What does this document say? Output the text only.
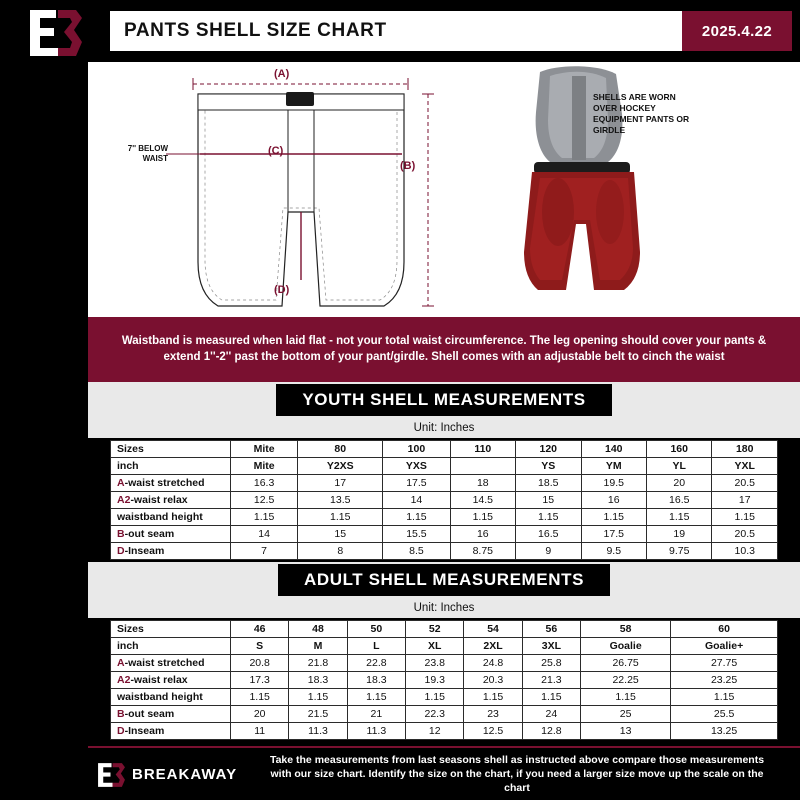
PANTS SHELL SIZE CHART	2025.4.22
SHELLS ARE WORN OVER HOCKEY EQUIPMENT PANTS OR GIRDLE
7'' BELOW WAIST
(A)
(C)
(B)
(D)

Waistband is measured when laid flat - not your total waist circumference. The leg opening should cover your pants & extend 1''-2'' past the bottom of your pant/girdle. Shell comes with an adjustable belt to cinch the waist

YOUTH SHELL MEASUREMENTS
Unit: Inches
Sizes	Mite	80	100	110	120	140	160	180
inch	Mite	Y2XS	YXS		YS	YM	YL	YXL
A-waist stretched	16.3	17	17.5	18	18.5	19.5	20	20.5
A2-waist relax	12.5	13.5	14	14.5	15	16	16.5	17
waistband height	1.15	1.15	1.15	1.15	1.15	1.15	1.15	1.15
B-out seam	14	15	15.5	16	16.5	17.5	19	20.5
D-Inseam	7	8	8.5	8.75	9	9.5	9.75	10.3
ADULT SHELL MEASUREMENTS
Unit: Inches
Sizes	46	48	50	52	54	56	58	60
inch	S	M	L	XL	2XL	3XL	Goalie	Goalie+
A-waist stretched	20.8	21.8	22.8	23.8	24.8	25.8	26.75	27.75
A2-waist relax	17.3	18.3	18.3	19.3	20.3	21.3	22.25	23.25
waistband height	1.15	1.15	1.15	1.15	1.15	1.15	1.15	1.15
B-out seam	20	21.5	21	22.3	23	24	25	25.5
D-Inseam	11	11.3	11.3	12	12.5	12.8	13	13.25
BREAKAWAY
Take the measurements from last seasons shell as instructed above compare those measurements with our size chart. Identify the size on the chart, if you need a larger size move up the scale on the chart
